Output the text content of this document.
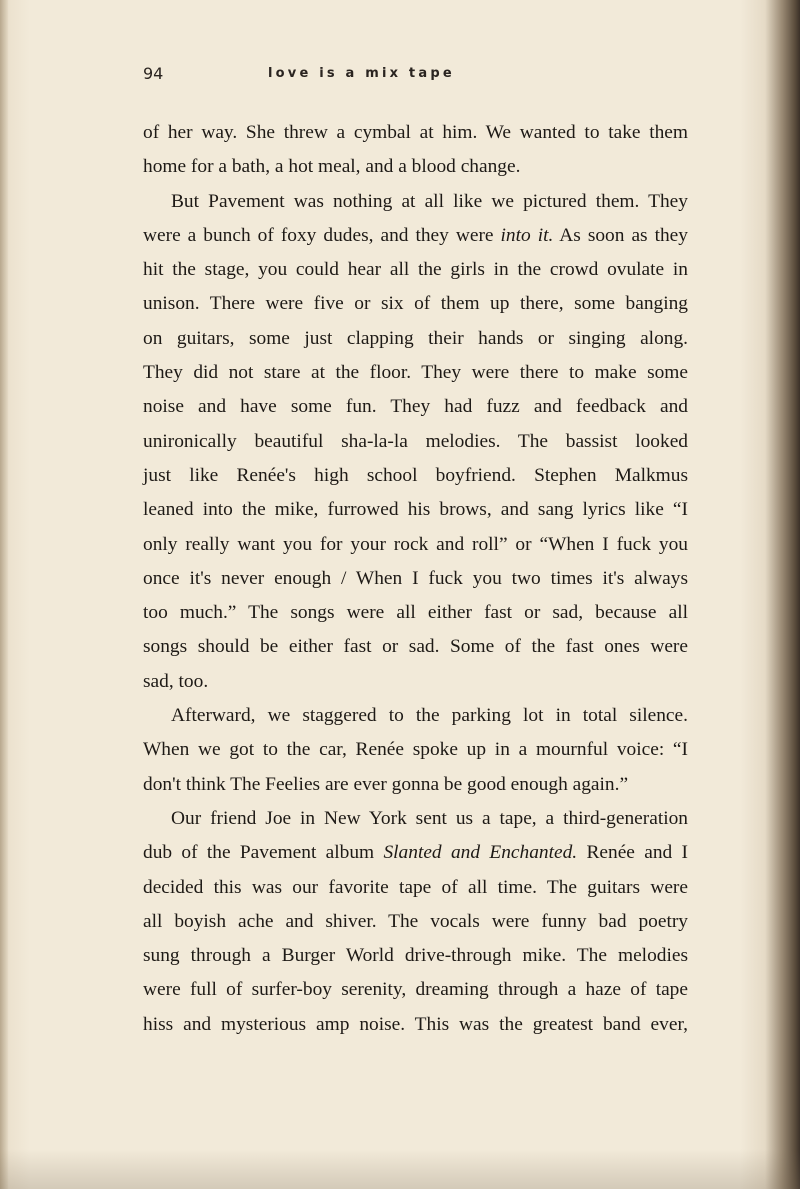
94	love is a mix tape
of her way. She threw a cymbal at him. We wanted to take them
home for a bath, a hot meal, and a blood change.
But Pavement was nothing at all like we pictured them. They
were a bunch of foxy dudes, and they were into it. As soon as they
hit the stage, you could hear all the girls in the crowd ovulate in
unison. There were five or six of them up there, some banging
on guitars, some just clapping their hands or singing along.
They did not stare at the floor. They were there to make some
noise and have some fun. They had fuzz and feedback and
unironically beautiful sha-la-la melodies. The bassist looked
just like Renée's high school boyfriend. Stephen Malkmus
leaned into the mike, furrowed his brows, and sang lyrics like “I
only really want you for your rock and roll” or “When I fuck you
once it's never enough / When I fuck you two times it's always
too much.” The songs were all either fast or sad, because all
songs should be either fast or sad. Some of the fast ones were
sad, too.
Afterward, we staggered to the parking lot in total silence.
When we got to the car, Renée spoke up in a mournful voice: “I
don't think The Feelies are ever gonna be good enough again.”
Our friend Joe in New York sent us a tape, a third-generation
dub of the Pavement album Slanted and Enchanted. Renée and I
decided this was our favorite tape of all time. The guitars were
all boyish ache and shiver. The vocals were funny bad poetry
sung through a Burger World drive-through mike. The melodies
were full of surfer-boy serenity, dreaming through a haze of tape
hiss and mysterious amp noise. This was the greatest band ever,
